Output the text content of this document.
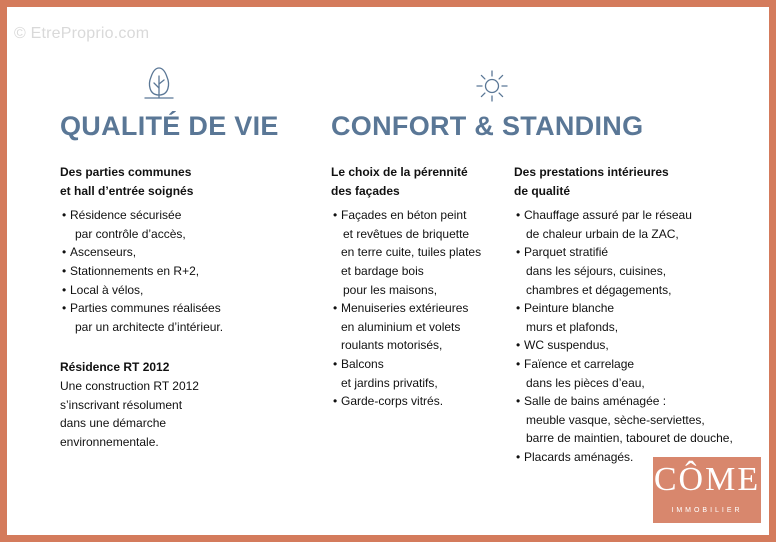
© EtreProprio.com
QUALITÉ DE VIE CONFORT & STANDING
Des parties communes
et hall d’entrée soignés
• Résidence sécurisée
par contrôle d’accès,
• Ascenseurs,
• Stationnements en R+2,
• Local à vélos,
• Parties communes réalisées
par un architecte d’intérieur.
Résidence RT 2012
Une construction RT 2012
s’inscrivant résolument
dans une démarche
environnementale.
Le choix de la pérennité
des façades
• Façades en béton peint
et revêtues de briquette
en terre cuite, tuiles plates
et bardage bois
pour les maisons,
• Menuiseries extérieures
en aluminium et volets
roulants motorisés,
• Balcons
et jardins privatifs,
• Garde-corps vitrés.
Des prestations intérieures
de qualité
• Chauffage assuré par le réseau
de chaleur urbain de la ZAC,
• Parquet stratifié
dans les séjours, cuisines,
chambres et dégagements,
• Peinture blanche
murs et plafonds,
• WC suspendus,
• Faïence et carrelage
dans les pièces d’eau,
• Salle de bains aménagée :
meuble vasque, sèche-serviettes,
barre de maintien, tabouret de douche,
• Placards aménagés.
CÔME
IMMOBILIER
